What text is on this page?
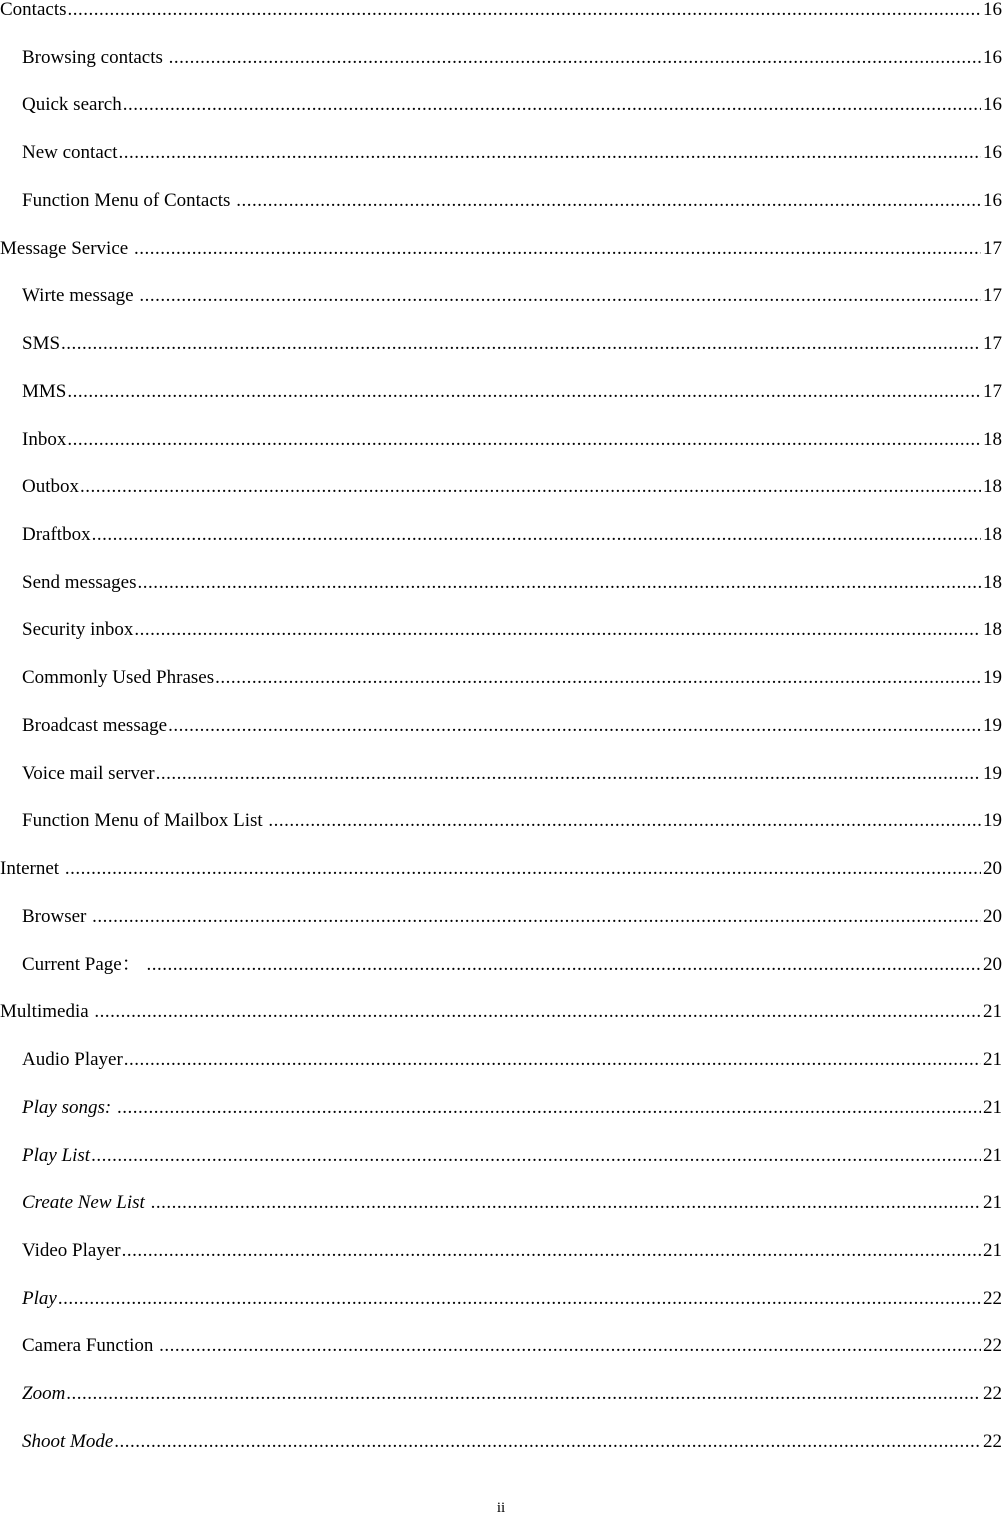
Contacts .....	16
Browsing contacts .....	16
Quick search .....	16
New contact .....	16
Function Menu of Contacts .....	16
Message Service .....	17
Wirte message .....	17
SMS .....	17
MMS .....	17
Inbox .....	18
Outbox .....	18
Draftbox .....	18
Send messages .....	18
Security inbox .....	18
Commonly Used Phrases .....	19
Broadcast message .....	19
Voice mail server .....	19
Function Menu of Mailbox List .....	19
Internet .....	20
Browser .....	20
Current Page： .....	20
Multimedia .....	21
Audio Player .....	21
Play songs: .....	21
Play List .....	21
Create New List .....	21
Video Player .....	21
Play .....	22
Camera Function .....	22
Zoom .....	22
Shoot Mode .....	22
ii
